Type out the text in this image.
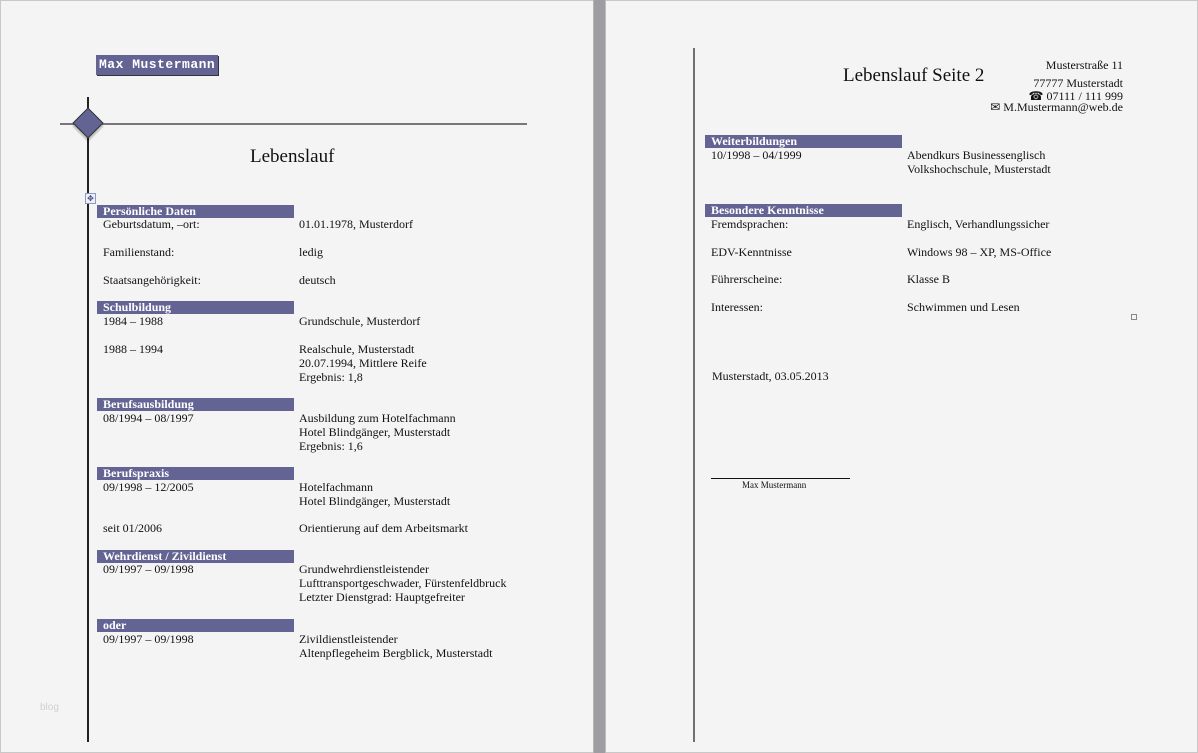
Max Mustermann	Musterstraße 11
77777 Musterstadt
☎ 07111 / 111 999
✉ M.Mustermann@web.de
Lebenslauf
✥
Persönliche Daten
Geburtsdatum, –ort:	01.01.1978, Musterdorf
Familienstand:	ledig
Staatsangehörigkeit:	deutsch
Schulbildung
1984 – 1988	Grundschule, Musterdorf
1988 – 1994	Realschule, Musterstadt
20.07.1994, Mittlere Reife
Ergebnis: 1,8
Berufsausbildung
08/1994 – 08/1997	Ausbildung zum Hotelfachmann
Hotel Blindgänger, Musterstadt
Ergebnis: 1,6
Berufspraxis
09/1998 – 12/2005	Hotelfachmann
Hotel Blindgänger, Musterstadt
seit 01/2006	Orientierung auf dem Arbeitsmarkt
Wehrdienst / Zivildienst
09/1997 – 09/1998	Grundwehrdienstleistender
Lufttransportgeschwader, Fürstenfeldbruck
Letzter Dienstgrad: Hauptgefreiter
oder
09/1997 – 09/1998	Zivildienstleistender
Altenpflegeheim Bergblick, Musterstadt
blog
Lebenslauf Seite 2
Weiterbildungen
10/1998 – 04/1999	Abendkurs Businessenglisch
Volkshochschule, Musterstadt
Besondere Kenntnisse
Fremdsprachen:	Englisch, Verhandlungssicher
EDV-Kenntnisse	Windows 98 – XP, MS-Office
Führerscheine:	Klasse B
Interessen:	Schwimmen und Lesen
Musterstadt, 03.05.2013
Max Mustermann
